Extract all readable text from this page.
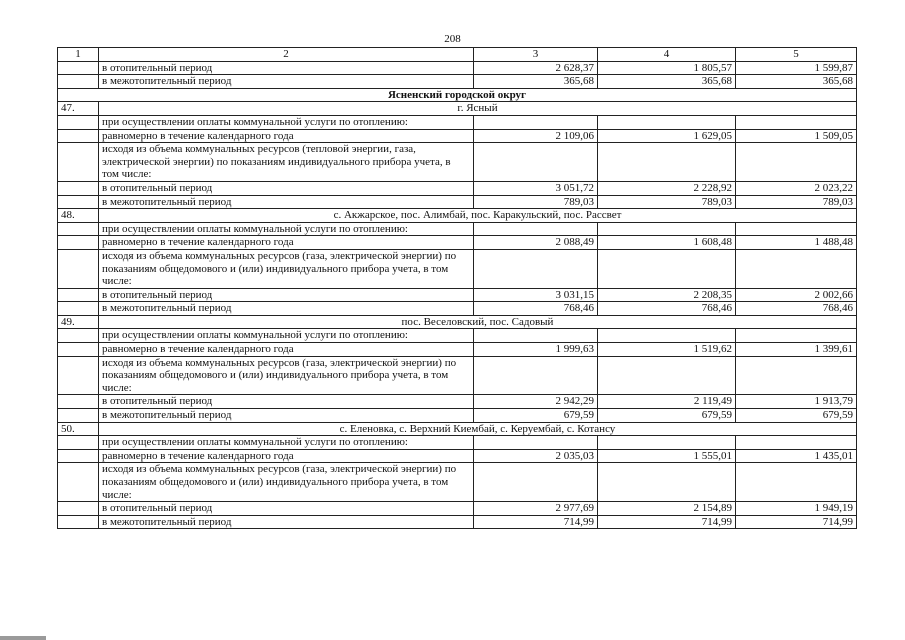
208
1	2	3	4	5
	в отопительный период	2 628,37	1 805,57	1 599,87
	в межотопительный период	365,68	365,68	365,68
Ясненский городской округ				
47.	г. Ясный			
	при осуществлении оплаты коммунальной услуги по отоплению:			
	равномерно в течение календарного года	2 109,06	1 629,05	1 509,05
	исходя из объема коммунальных ресурсов (тепловой энергии, газа, электрической энергии) по показаниям индивидуального прибора учета, в том числе:			
	в отопительный период	3 051,72	2 228,92	2 023,22
	в межотопительный период	789,03	789,03	789,03
48.	с. Акжарское, пос. Алимбай, пос. Каракульский, пос. Рассвет			
	при осуществлении оплаты коммунальной услуги по отоплению:			
	равномерно в течение календарного года	2 088,49	1 608,48	1 488,48
	исходя из объема коммунальных ресурсов (газа, электрической энергии) по показаниям общедомового и (или) индивидуального прибора учета, в том числе:			
	в отопительный период	3 031,15	2 208,35	2 002,66
	в межотопительный период	768,46	768,46	768,46
49.	пос. Веселовский, пос. Садовый			
	при осуществлении оплаты коммунальной услуги по отоплению:			
	равномерно в течение календарного года	1 999,63	1 519,62	1 399,61
	исходя из объема коммунальных ресурсов (газа, электрической энергии) по показаниям общедомового и (или) индивидуального прибора учета, в том числе:			
	в отопительный период	2 942,29	2 119,49	1 913,79
	в межотопительный период	679,59	679,59	679,59
50.	с. Еленовка, с. Верхний Киембай, с. Керуембай, с. Котансу			
	при осуществлении оплаты коммунальной услуги по отоплению:			
	равномерно в течение календарного года	2 035,03	1 555,01	1 435,01
	исходя из объема коммунальных ресурсов (газа, электрической энергии) по показаниям общедомового и (или) индивидуального прибора учета, в том числе:			
	в отопительный период	2 977,69	2 154,89	1 949,19
	в межотопительный период	714,99	714,99	714,99
